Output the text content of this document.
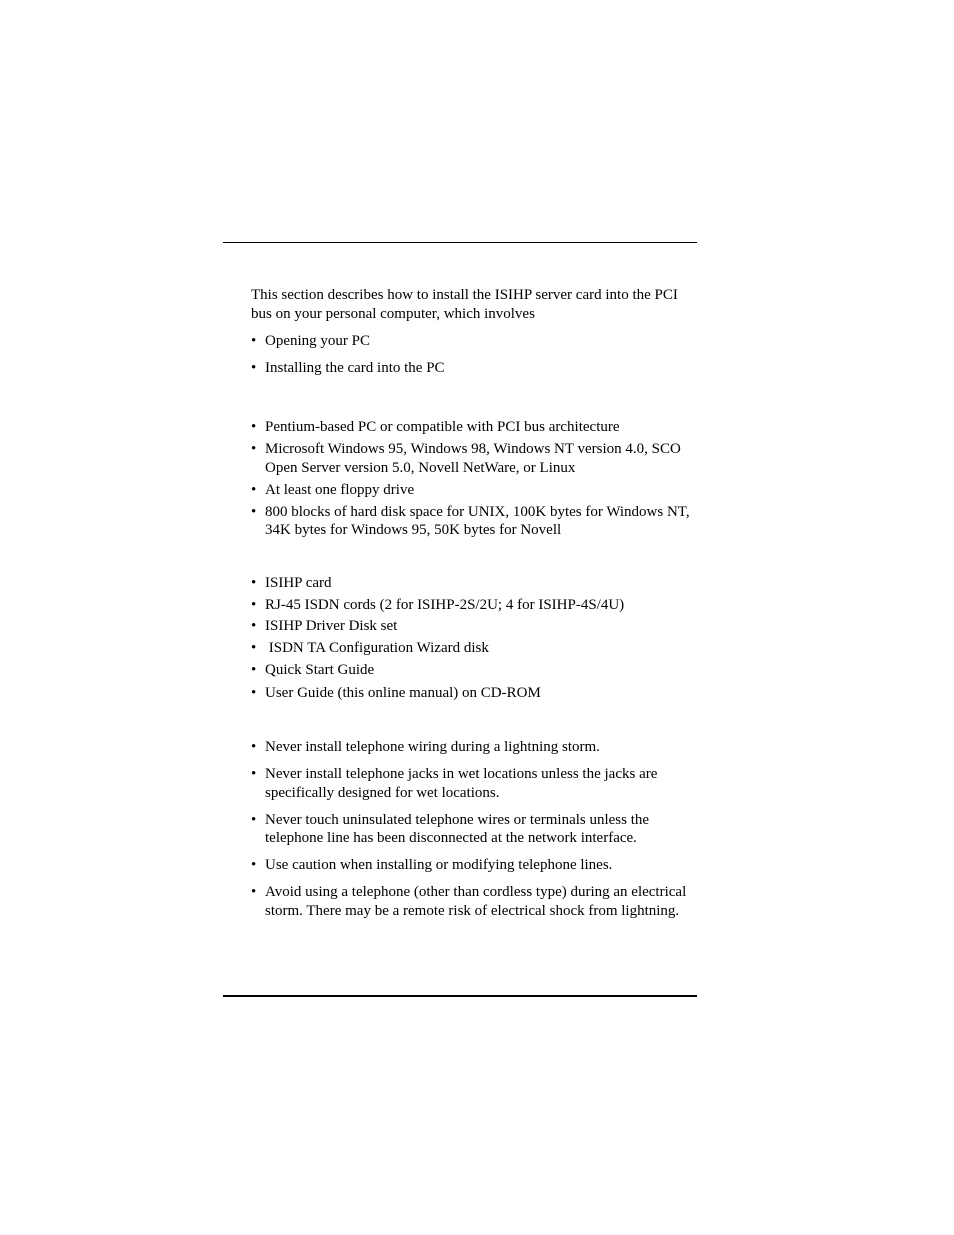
This section describes how to install the ISIHP server card into the PCI bus on your personal computer, which involves

• Opening your PC
• Installing the card into the PC
• Pentium-based PC or compatible with PCI bus architecture
• Microsoft Windows 95, Windows 98, Windows NT version 4.0, SCO Open Server version 5.0, Novell NetWare, or Linux
• At least one floppy drive
• 800 blocks of hard disk space for UNIX, 100K bytes for Windows NT, 34K bytes for Windows 95, 50K bytes for Novell
• ISIHP card
• RJ-45 ISDN cords (2 for ISIHP-2S/2U; 4 for ISIHP-4S/4U)
• ISIHP Driver Disk set
• ISDN TA Configuration Wizard disk
• Quick Start Guide
• User Guide (this online manual) on CD-ROM
• Never install telephone wiring during a lightning storm.
• Never install telephone jacks in wet locations unless the jacks are specifically designed for wet locations.
• Never touch uninsulated telephone wires or terminals unless the telephone line has been disconnected at the network interface.
• Use caution when installing or modifying telephone lines.
• Avoid using a telephone (other than cordless type) during an electrical storm. There may be a remote risk of electrical shock from lightning.
